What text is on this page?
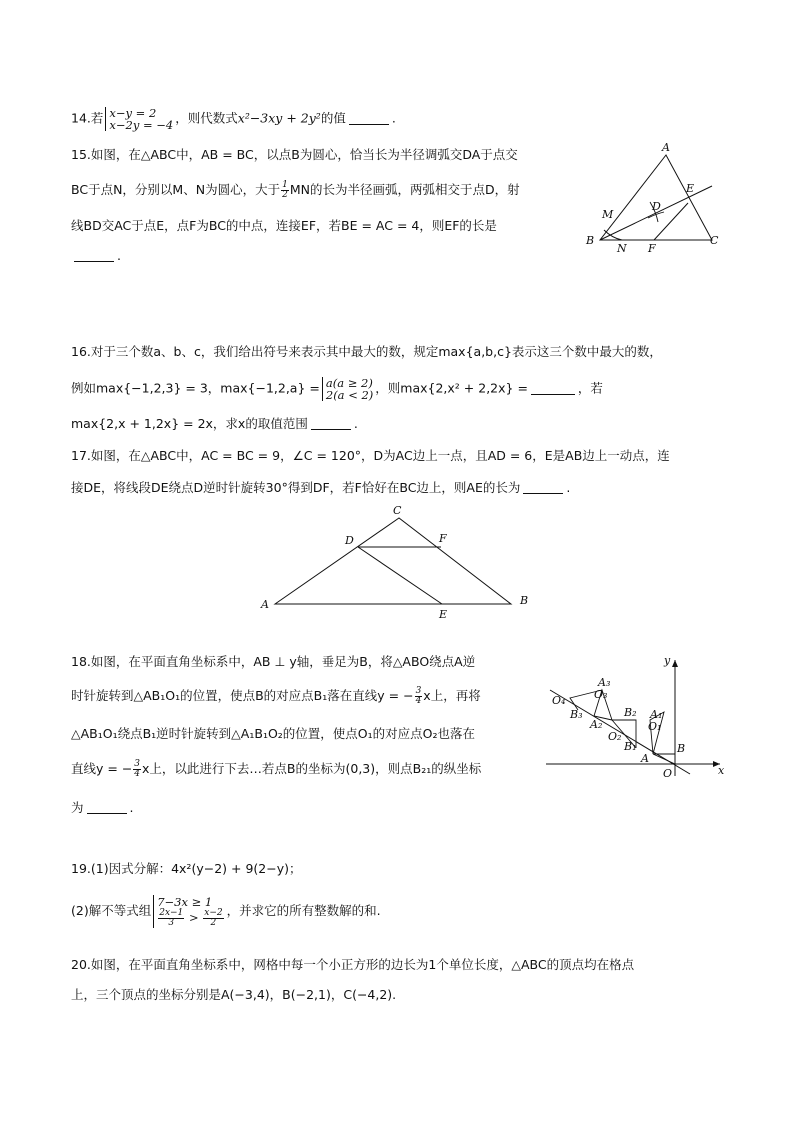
14.若 x−y = 2
x−2y = −4 ，则代数式x²−3xy + 2y²的值	.
15.如图，在△ABC中，AB = BC，以点B为圆心，恰当长为半径调弧交DA于点交
BC于点N，分别以M、N为圆心，大于 $\frac{1}{2}$ MN的长为半径画弧，两弧相交于点D，射
线BD交AC于点E，点F为BC的中点，连接EF，若BE = AC = 4，则EF的长是
.
A
B	C
D
E
F
M
N
16.对于三个数a、b、c，我们给出符号来表示其中最大的数，规定max{a,b,c}表示这三个数中最大的数，
例如max{−1,2,3} = 3，max{−1,2,a} = a(a ≥ 2)
2(a < 2) ，则max{2,x² + 2,2x} =	，若
max{2,x + 1,2x} = 2x，求x的取值范围	.
17.如图，在△ABC中，AC = BC = 9，∠C = 120°，D为AC边上一点，且AD = 6，E是AB边上一动点，连
接DE，将线段DE绕点D逆时针旋转30°得到DF，若F恰好在BC边上，则AE的长为	.
A	B
C
D
E
F
18.如图，在平面直角坐标系中，AB ⊥ y轴，垂足为B，将△ABO绕点A逆
时针旋转到△AB₁O₁的位置，使点B的对应点B₁落在直线y = − $\frac{3}{4}$ x上，再将
△AB₁O₁绕点B₁逆时针旋转到△A₁B₁O₂的位置，使点O₁的对应点O₂也落在
直线y = − $\frac{3}{4}$ x上，以此进行下去…若点B的坐标为(0,3)，则点B₂₁的纵坐标
为	.
x
y
O
A
B
O₁
A₁
B₁
B₂
O₂
A₂
B₃
O₃
A₃
O₄
19.(1)因式分解：4x²(y−2) + 9(2−y)；
(2)解不等式组
7−3x ≥ 1
$\frac{2x-1}{3} > \frac{x-2}{2}$ ，并求它的所有整数解的和.
20.如图，在平面直角坐标系中，网格中每一个小正方形的边长为1个单位长度，△ABC的顶点均在格点
上，三个顶点的坐标分别是A(−3,4)，B(−2,1)，C(−4,2).
